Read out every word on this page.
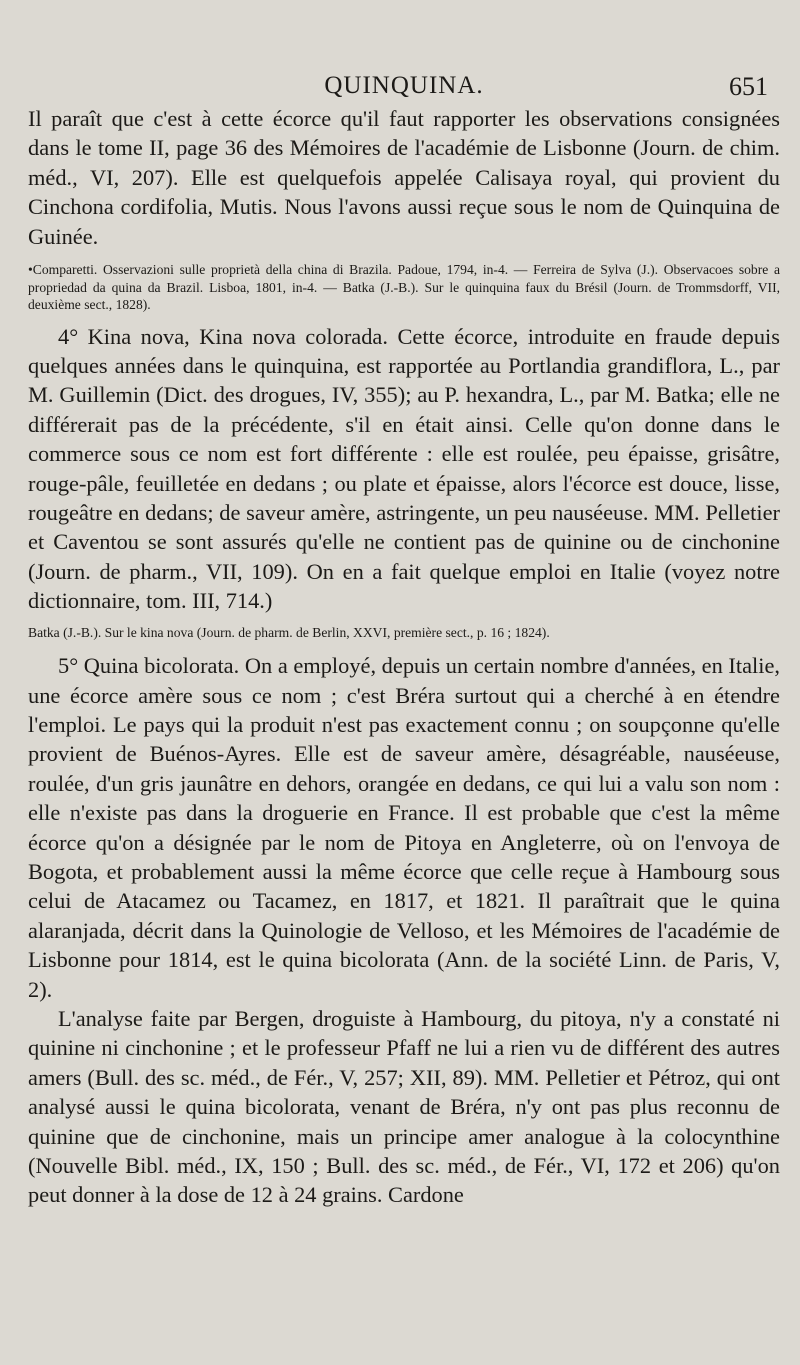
QUINQUINA.	651

Il paraît que c'est à cette écorce qu'il faut rapporter les observations consignées dans le tome II, page 36 des Mémoires de l'académie de Lisbonne (Journ. de chim. méd., VI, 207). Elle est quelquefois appelée Calisaya royal, qui provient du Cinchona cordifolia, Mutis. Nous l'avons aussi reçue sous le nom de Quinquina de Guinée.

•Comparetti. Osservazioni sulle proprietà della china di Brazila. Padoue, 1794, in-4. — Ferreira de Sylva (J.). Observacoes sobre a propriedad da quina da Brazil. Lisboa, 1801, in-4. — Batka (J.-B.). Sur le quinquina faux du Brésil (Journ. de Trommsdorff, VII, deuxième sect., 1828).

4° Kina nova, Kina nova colorada. Cette écorce, introduite en fraude depuis quelques années dans le quinquina, est rapportée au Portlandia grandiflora, L., par M. Guillemin (Dict. des drogues, IV, 355); au P. hexandra, L., par M. Batka; elle ne différerait pas de la précédente, s'il en était ainsi. Celle qu'on donne dans le commerce sous ce nom est fort différente : elle est roulée, peu épaisse, grisâtre, rouge-pâle, feuilletée en dedans ; ou plate et épaisse, alors l'écorce est douce, lisse, rougeâtre en dedans; de saveur amère, astringente, un peu nauséeuse. MM. Pelletier et Caventou se sont assurés qu'elle ne contient pas de quinine ou de cinchonine (Journ. de pharm., VII, 109). On en a fait quelque emploi en Italie (voyez notre dictionnaire, tom. III, 714.)

Batka (J.-B.). Sur le kina nova (Journ. de pharm. de Berlin, XXVI, première sect., p. 16 ; 1824).

5° Quina bicolorata. On a employé, depuis un certain nombre d'années, en Italie, une écorce amère sous ce nom ; c'est Bréra surtout qui a cherché à en étendre l'emploi. Le pays qui la produit n'est pas exactement connu ; on soupçonne qu'elle provient de Buénos-Ayres. Elle est de saveur amère, désagréable, nauséeuse, roulée, d'un gris jaunâtre en dehors, orangée en dedans, ce qui lui a valu son nom : elle n'existe pas dans la droguerie en France. Il est probable que c'est la même écorce qu'on a désignée par le nom de Pitoya en Angleterre, où on l'envoya de Bogota, et probablement aussi la même écorce que celle reçue à Hambourg sous celui de Atacamez ou Tacamez, en 1817, et 1821. Il paraîtrait que le quina alaranjada, décrit dans la Quinologie de Velloso, et les Mémoires de l'académie de Lisbonne pour 1814, est le quina bicolorata (Ann. de la société Linn. de Paris, V, 2).

L'analyse faite par Bergen, droguiste à Hambourg, du pitoya, n'y a constaté ni quinine ni cinchonine ; et le professeur Pfaff ne lui a rien vu de différent des autres amers (Bull. des sc. méd., de Fér., V, 257; XII, 89). MM. Pelletier et Pétroz, qui ont analysé aussi le quina bicolorata, venant de Bréra, n'y ont pas plus reconnu de quinine que de cinchonine, mais un principe amer analogue à la colocynthine (Nouvelle Bibl. méd., IX, 150 ; Bull. des sc. méd., de Fér., VI, 172 et 206) qu'on peut donner à la dose de 12 à 24 grains. Cardone
